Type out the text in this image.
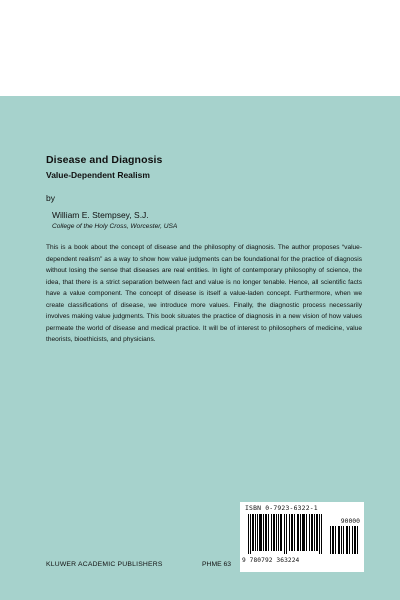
Disease and Diagnosis
Value-Dependent Realism
by
William E. Stempsey, S.J.
College of the Holy Cross, Worcester, USA

This is a book about the concept of disease and the philosophy of diagnosis. The author proposes “value-dependent realism” as a way to show how value judgments can be foundational for the practice of diagnosis without losing the sense that diseases are real entities. In light of contemporary philosophy of science, the idea, that there is a strict separation between fact and value is no longer tenable. Hence, all scientific facts have a value component. The concept of disease is itself a value-laden concept. Furthermore, when we create classifications of disease, we introduce more values. Finally, the diagnostic process necessarily involves making value judgments. This book situates the practice of diagnosis in a new vision of how values permeate the world of disease and medical practice. It will be of interest to philosophers of medicine, value theorists, bioethicists, and physicians.

KLUWER ACADEMIC PUBLISHERS	PHME 63
ISBN 0-7923-6322-1
90000
9 780792 363224
